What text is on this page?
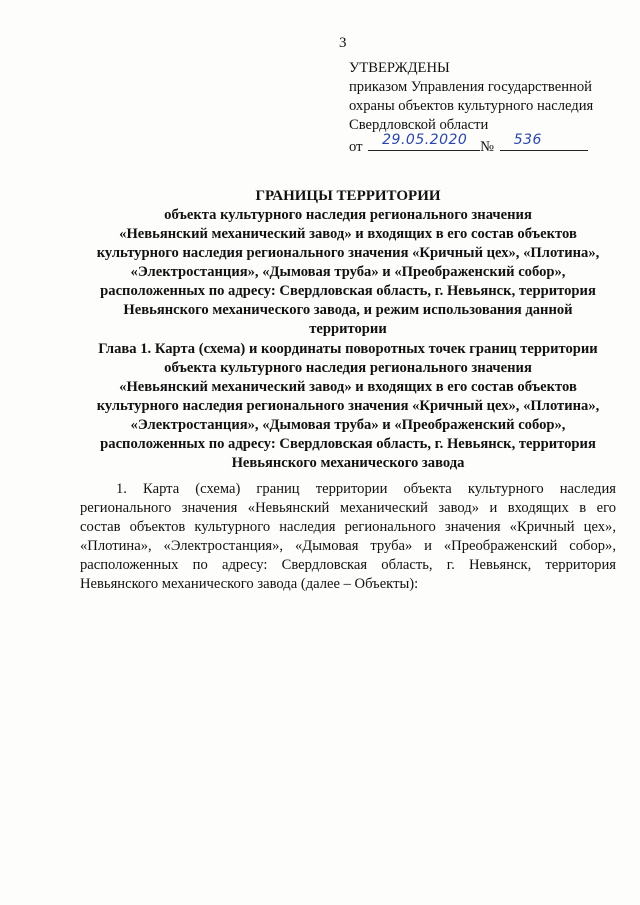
3
УТВЕРЖДЕНЫ
приказом Управления государственной
охраны объектов культурного наследия
Свердловской области
от 29.05.2020 № 536
ГРАНИЦЫ ТЕРРИТОРИИ
объекта культурного наследия регионального значения
«Невьянский механический завод» и входящих в его состав объектов
культурного наследия регионального значения «Кричный цех», «Плотина»,
«Электростанция», «Дымовая труба» и «Преображенский собор»,
расположенных по адресу: Свердловская область, г. Невьянск, территория
Невьянского механического завода, и режим использования данной
территории
Глава 1. Карта (схема) и координаты поворотных точек границ территории
объекта культурного наследия регионального значения
«Невьянский механический завод» и входящих в его состав объектов
культурного наследия регионального значения «Кричный цех», «Плотина»,
«Электростанция», «Дымовая труба» и «Преображенский собор»,
расположенных по адресу: Свердловская область, г. Невьянск, территория
Невьянского механического завода
1. Карта (схема) границ территории объекта культурного наследия
регионального значения «Невьянский механический завод» и входящих в его
состав объектов культурного наследия регионального значения «Кричный цех»,
«Плотина», «Электростанция», «Дымовая труба» и «Преображенский собор»,
расположенных по адресу: Свердловская область, г. Невьянск, территория
Невьянского механического завода (далее – Объекты):
